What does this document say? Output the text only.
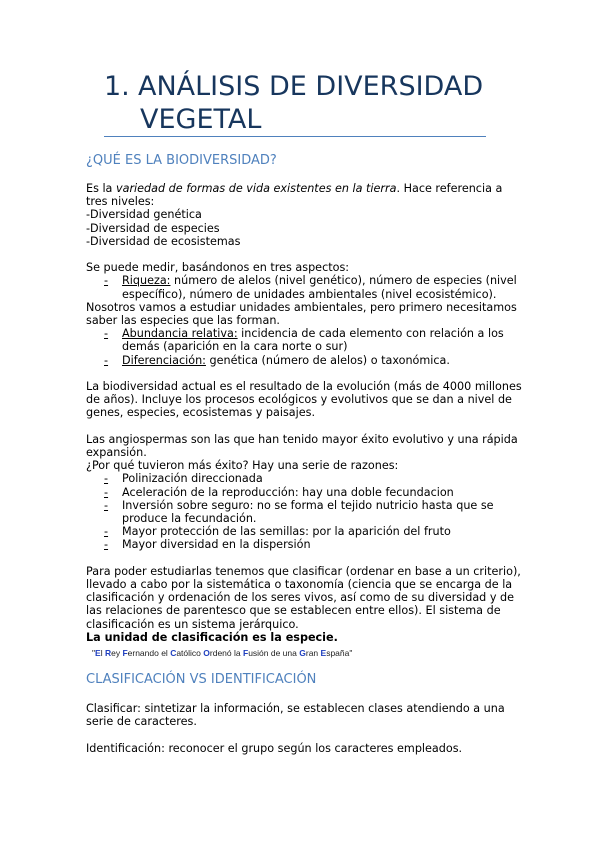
1. ANÁLISIS DE DIVERSIDAD
VEGETAL
¿QUÉ ES LA BIODIVERSIDAD?

Es la variedad de formas de vida existentes en la tierra. Hace referencia a tres niveles:

-Diversidad genética

-Diversidad de especies

-Diversidad de ecosistemas

Se puede medir, basándonos en tres aspectos:

- Riqueza: número de alelos (nivel genético), número de especies (nivel específico), número de unidades ambientales (nivel ecosistémico).

Nosotros vamos a estudiar unidades ambientales, pero primero necesitamos saber las especies que las forman.

- Abundancia relativa: incidencia de cada elemento con relación a los demás (aparición en la cara norte o sur)

- Diferenciación: genética (número de alelos) o taxonómica.

La biodiversidad actual es el resultado de la evolución (más de 4000 millones de años). Incluye los procesos ecológicos y evolutivos que se dan a nivel de genes, especies, ecosistemas y paisajes.

Las angiospermas son las que han tenido mayor éxito evolutivo y una rápida expansión.

¿Por qué tuvieron más éxito? Hay una serie de razones:

- Polinización direccionada

- Aceleración de la reproducción: hay una doble fecundacion

- Inversión sobre seguro: no se forma el tejido nutricio hasta que se produce la fecundación.

- Mayor protección de las semillas: por la aparición del fruto

- Mayor diversidad en la dispersión

Para poder estudiarlas tenemos que clasificar (ordenar en base a un criterio), llevado a cabo por la sistemática o taxonomía (ciencia que se encarga de la clasificación y ordenación de los seres vivos, así como de su diversidad y de las relaciones de parentesco que se establecen entre ellos). El sistema de clasificación es un sistema jerárquico.

La unidad de clasificación es la especie.

"El Rey Fernando el Católico Ordenó la Fusión de una Gran España"
CLASIFICACIÓN VS IDENTIFICACIÓN

Clasificar: sintetizar la información, se establecen clases atendiendo a una serie de caracteres.

Identificación: reconocer el grupo según los caracteres empleados.
